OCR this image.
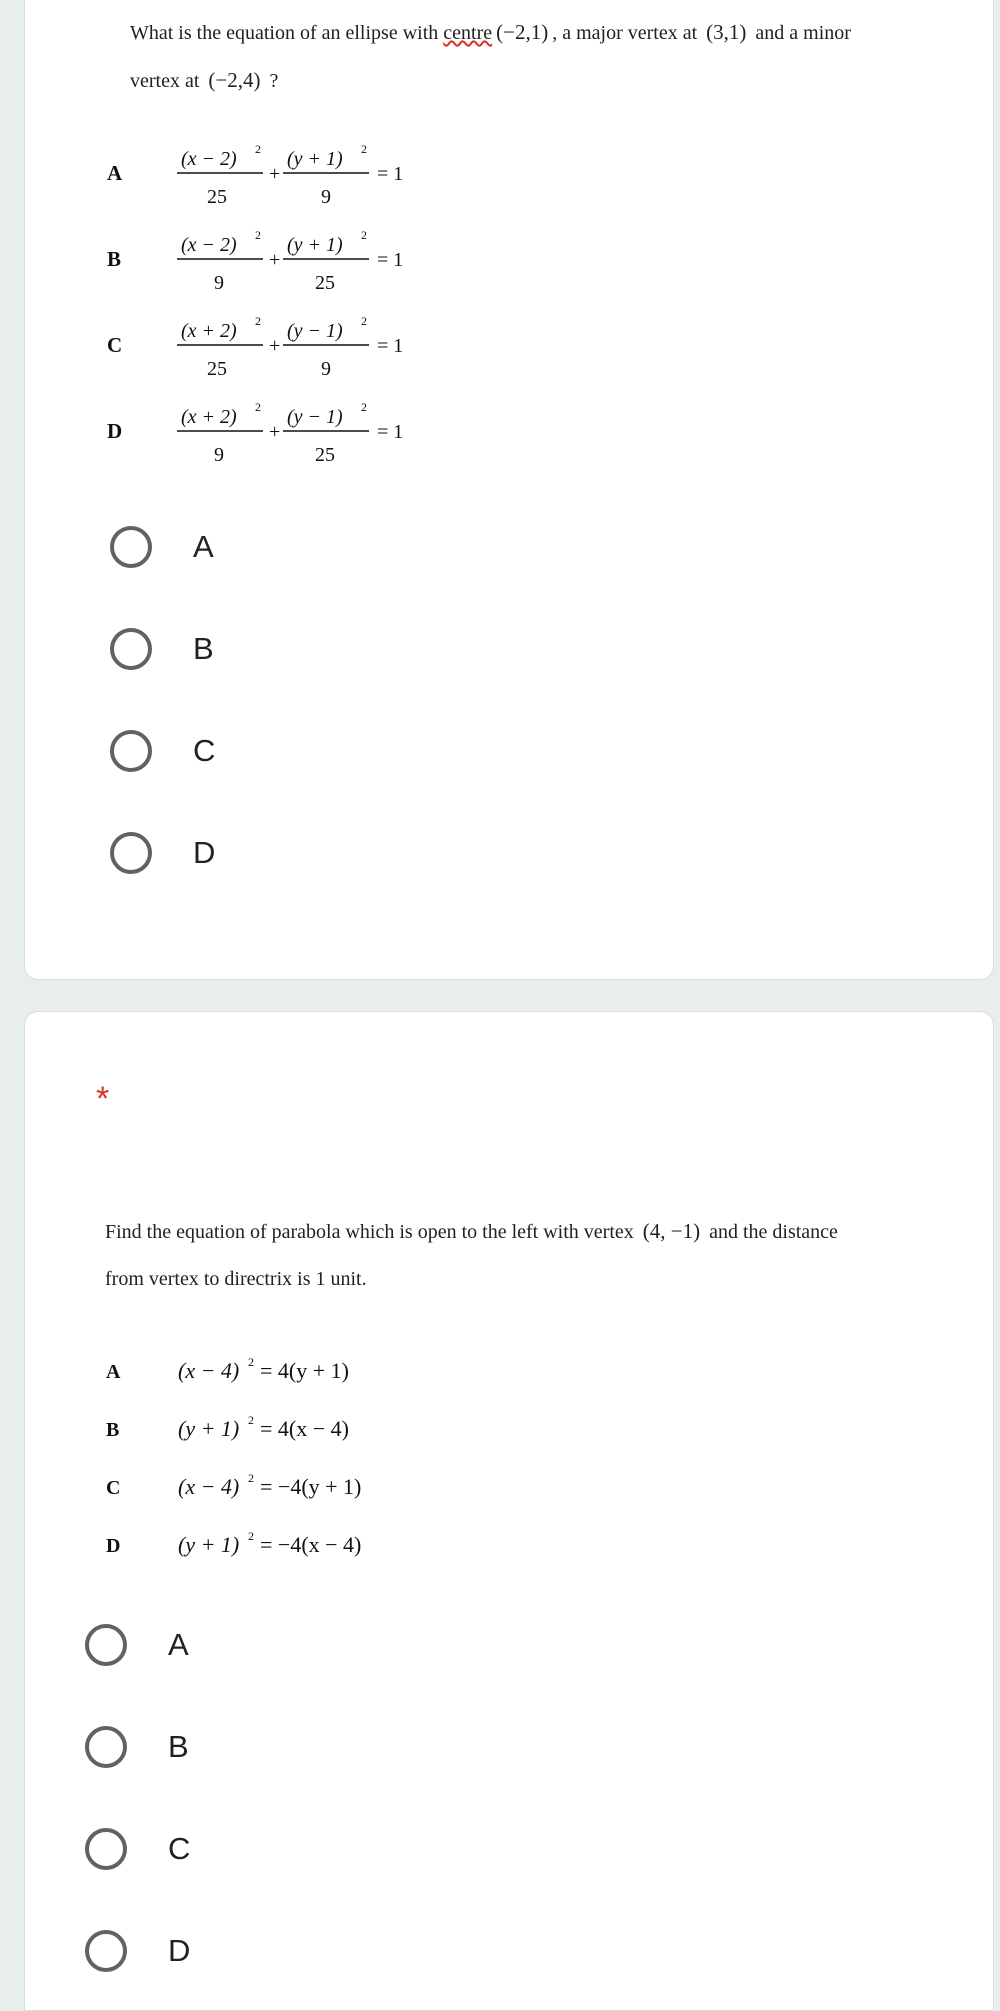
What is the equation of an ellipse with centre (−2,1) , a major vertex at (3,1) and a minor
vertex at (−2,4) ?
A
(x − 2) 2
25
+
(y + 1) 2
9
= 1
B
(x − 2) 2
9
+
(y + 1) 2
25
= 1
C
(x + 2) 2
25
+
(y − 1) 2
9
= 1
D
(x + 2) 2
9
+
(y − 1) 2
25
= 1
A
B
C
D
*
Find the equation of parabola which is open to the left with vertex (4, −1) and the distance
from vertex to directrix is 1 unit.
A	(x − 4) 2 = 4(y + 1)
B	(y + 1) 2 = 4(x − 4)
C	(x − 4) 2 = −4(y + 1)
D	(y + 1) 2 = −4(x − 4)
A
B
C
D
